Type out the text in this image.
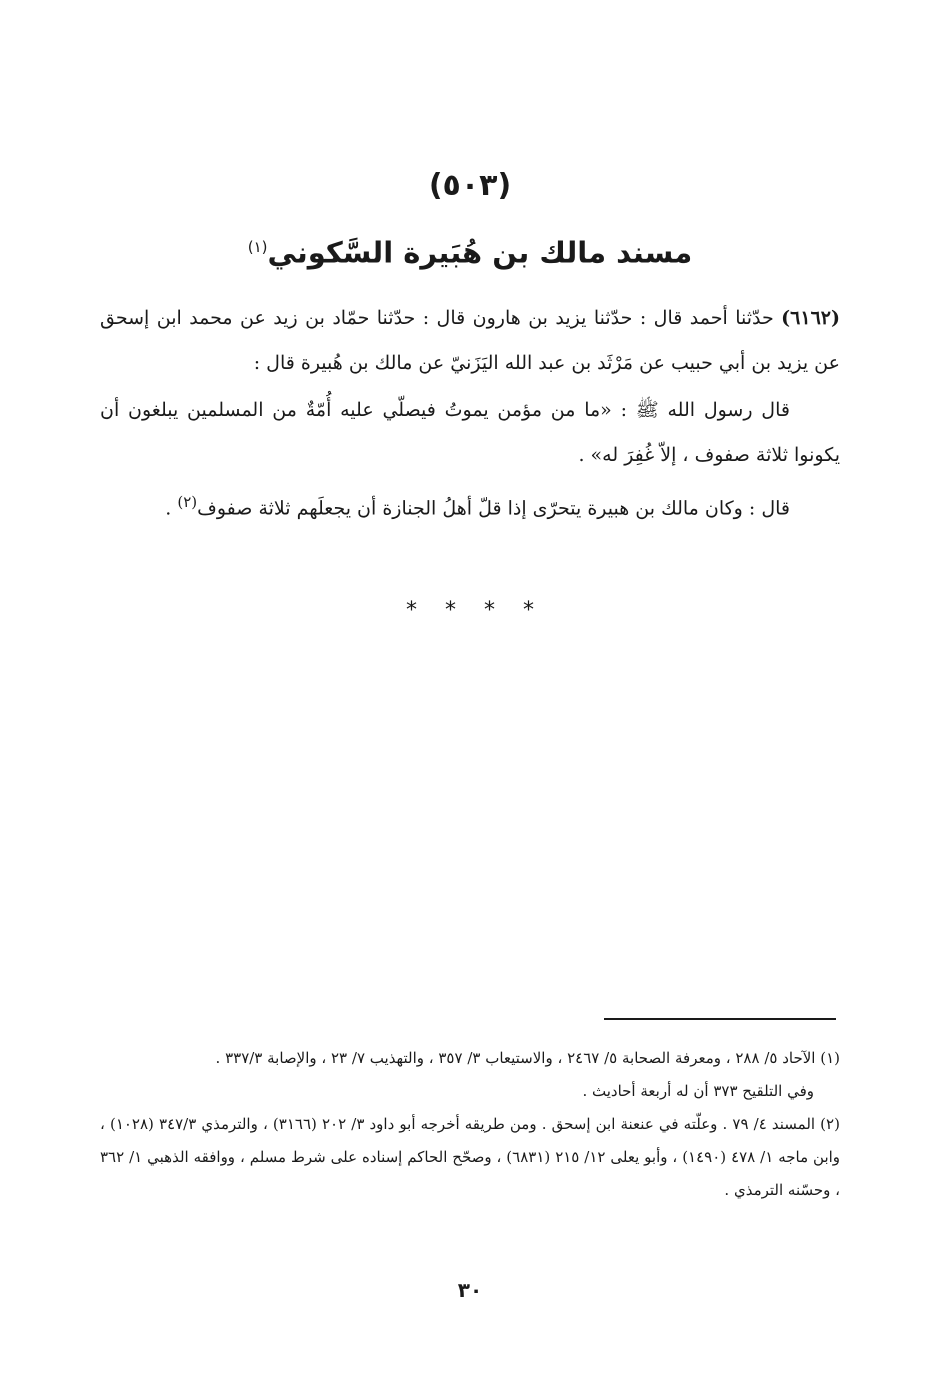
(٥٠٣)
مسند مالك بن هُبَيرة السَّكوني$^{(١)}$

(٦١٦٢) حدّثنا أحمد قال : حدّثنا يزيد بن هارون قال : حدّثنا حمّاد بن زيد عن محمد ابن إسحق عن يزيد بن أبي حبيب عن مَرْثَد بن عبد الله اليَزَنيّ عن مالك بن هُبيرة قال :

قال رسول الله ﷺ : «ما من مؤمن يموتُ فيصلّي عليه أُمّةٌ من المسلمين يبلغون أن يكونوا ثلاثة صفوف ، إلاّ غُفِرَ له» .

قال : وكان مالك بن هبيرة يتحرّى إذا قلّ أهلُ الجنازة أن يجعلَهم ثلاثة صفوف$^{(٢)}$ .

****

(١) الآحاد ٥/ ٢٨٨ ، ومعرفة الصحابة ٥/ ٢٤٦٧ ، والاستيعاب ٣/ ٣٥٧ ، والتهذيب ٧/ ٢٣ ، والإصابة ٣٣٧/٣ .

وفي التلقيح ٣٧٣ أن له أربعة أحاديث .

(٢) المسند ٤/ ٧٩ . وعلّته في عنعنة ابن إسحق . ومن طريقه أخرجه أبو داود ٣/ ٢٠٢ (٣١٦٦) ، والترمذي ٣٤٧/٣ (١٠٢٨) ، وابن ماجه ١/ ٤٧٨ (١٤٩٠) ، وأبو يعلى ١٢/ ٢١٥ (٦٨٣١) ، وصحّح الحاكم إسناده على شرط مسلم ، ووافقه الذهبي ١/ ٣٦٢ ، وحسّنه الترمذي .

٣٠
